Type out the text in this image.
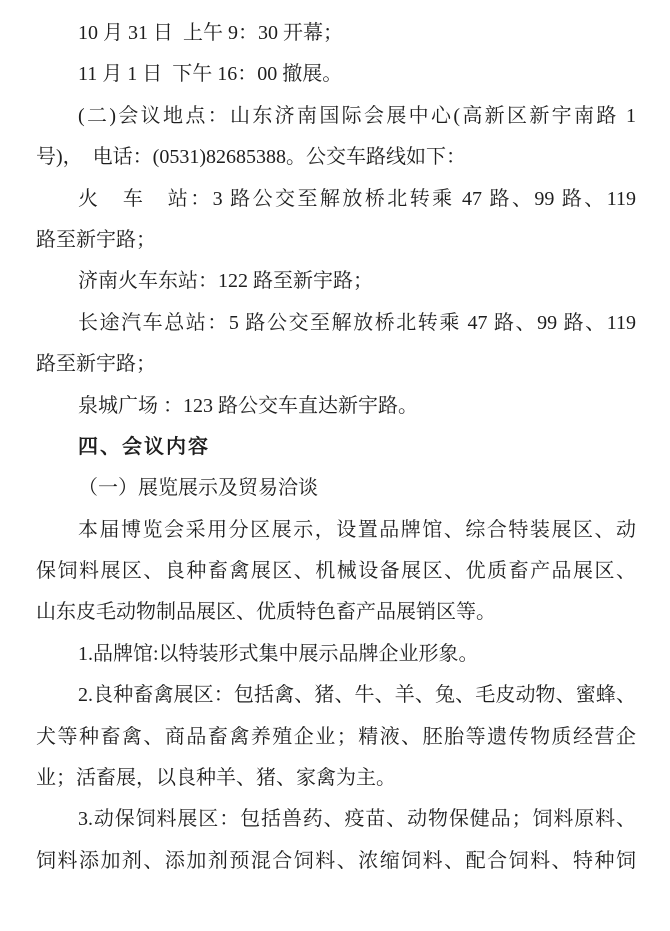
10 月 31 日  上午 9：30 开幕；
11 月 1 日  下午 16：00 撤展。
(二)会议地点：山东济南国际会展中心(高新区新宇南路 1
号)，  电话：(0531)82685388。公交车路线如下：
火　车　站：3 路公交至解放桥北转乘 47 路、99 路、119
路至新宇路；
济南火车东站：122 路至新宇路；
长途汽车总站：5 路公交至解放桥北转乘 47 路、99 路、119
路至新宇路；
泉城广场 ：123 路公交车直达新宇路。
四、会议内容
（一）展览展示及贸易洽谈
本届博览会采用分区展示，设置品牌馆、综合特装展区、动
保饲料展区、良种畜禽展区、机械设备展区、优质畜产品展区、
山东皮毛动物制品展区、优质特色畜产品展销区等。
1.品牌馆:以特装形式集中展示品牌企业形象。
2.良种畜禽展区：包括禽、猪、牛、羊、兔、毛皮动物、蜜蜂、
犬等种畜禽、商品畜禽养殖企业；精液、胚胎等遗传物质经营企
业；活畜展，以良种羊、猪、家禽为主。
3.动保饲料展区：包括兽药、疫苗、动物保健品；饲料原料、
饲料添加剂、添加剂预混合饲料、浓缩饲料、配合饲料、特种饲
